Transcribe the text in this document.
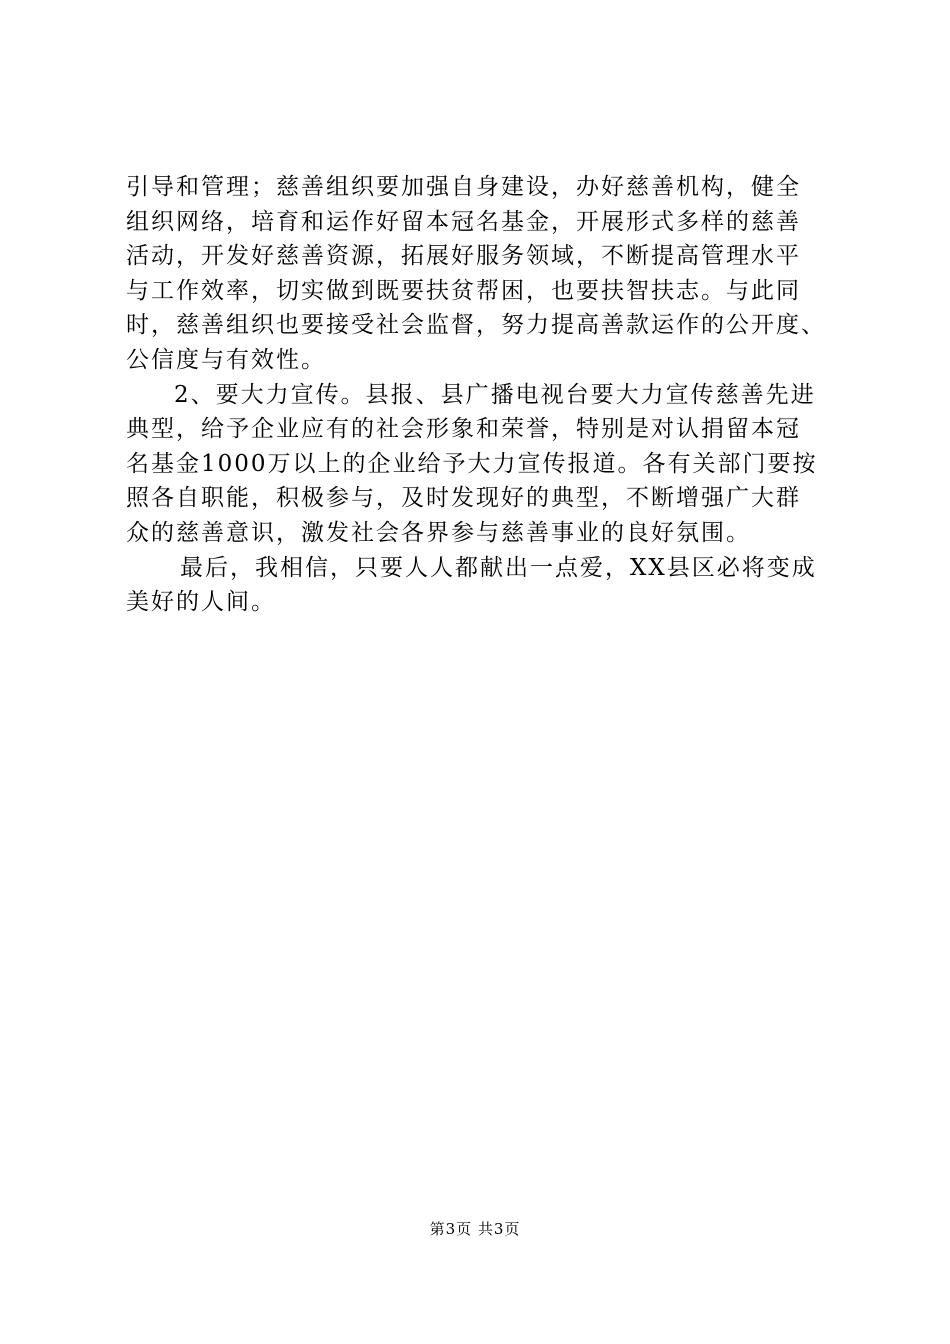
引导和管理；慈善组织要加强自身建设，办好慈善机构，健全
组织网络，培育和运作好留本冠名基金，开展形式多样的慈善
活动，开发好慈善资源，拓展好服务领域，不断提高管理水平
与工作效率，切实做到既要扶贫帮困，也要扶智扶志。与此同
时，慈善组织也要接受社会监督，努力提高善款运作的公开度、
公信度与有效性。
2、要大力宣传。县报、县广播电视台要大力宣传慈善先进
典型，给予企业应有的社会形象和荣誉，特别是对认捐留本冠
名基金1000万以上的企业给予大力宣传报道。各有关部门要按
照各自职能，积极参与，及时发现好的典型，不断增强广大群
众的慈善意识，激发社会各界参与慈善事业的良好氛围。
最后，我相信，只要人人都献出一点爱，XX县区必将变成
美好的人间。
第3页 共3页
